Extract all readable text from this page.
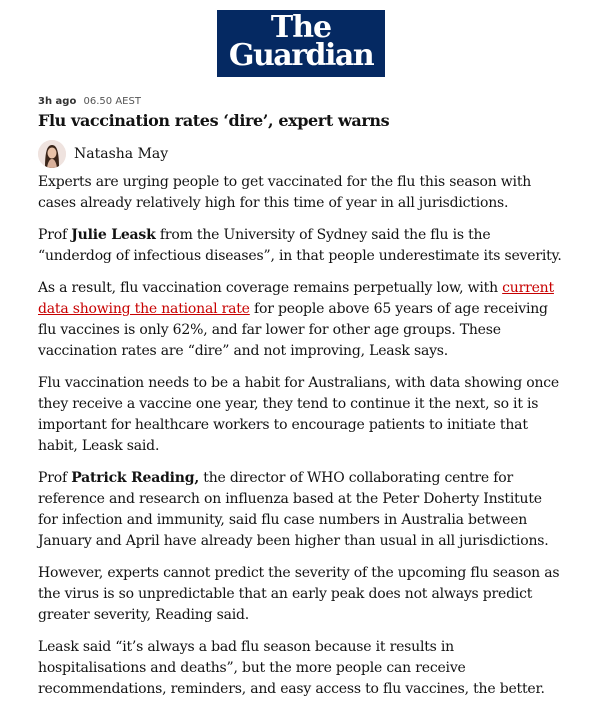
The
Guardian
3h ago 06.50 AEST
Flu vaccination rates ‘dire’, expert warns
Natasha May

Experts are urging people to get vaccinated for the flu this season with cases already relatively high for this time of year in all jurisdictions.

Prof Julie Leask from the University of Sydney said the flu is the “underdog of infectious diseases”, in that people underestimate its severity.

As a result, flu vaccination coverage remains perpetually low, with current data showing the national rate for people above 65 years of age receiving flu vaccines is only 62%, and far lower for other age groups. These vaccination rates are “dire” and not improving, Leask says.

Flu vaccination needs to be a habit for Australians, with data showing once they receive a vaccine one year, they tend to continue it the next, so it is important for healthcare workers to encourage patients to initiate that habit, Leask said.

Prof Patrick Reading, the director of WHO collaborating centre for reference and research on influenza based at the Peter Doherty Institute for infection and immunity, said flu case numbers in Australia between January and April have already been higher than usual in all jurisdictions.

However, experts cannot predict the severity of the upcoming flu season as the virus is so unpredictable that an early peak does not always predict greater severity, Reading said.

Leask said “it’s always a bad flu season because it results in hospitalisations and deaths”, but the more people can receive recommendations, reminders, and easy access to flu vaccines, the better.
